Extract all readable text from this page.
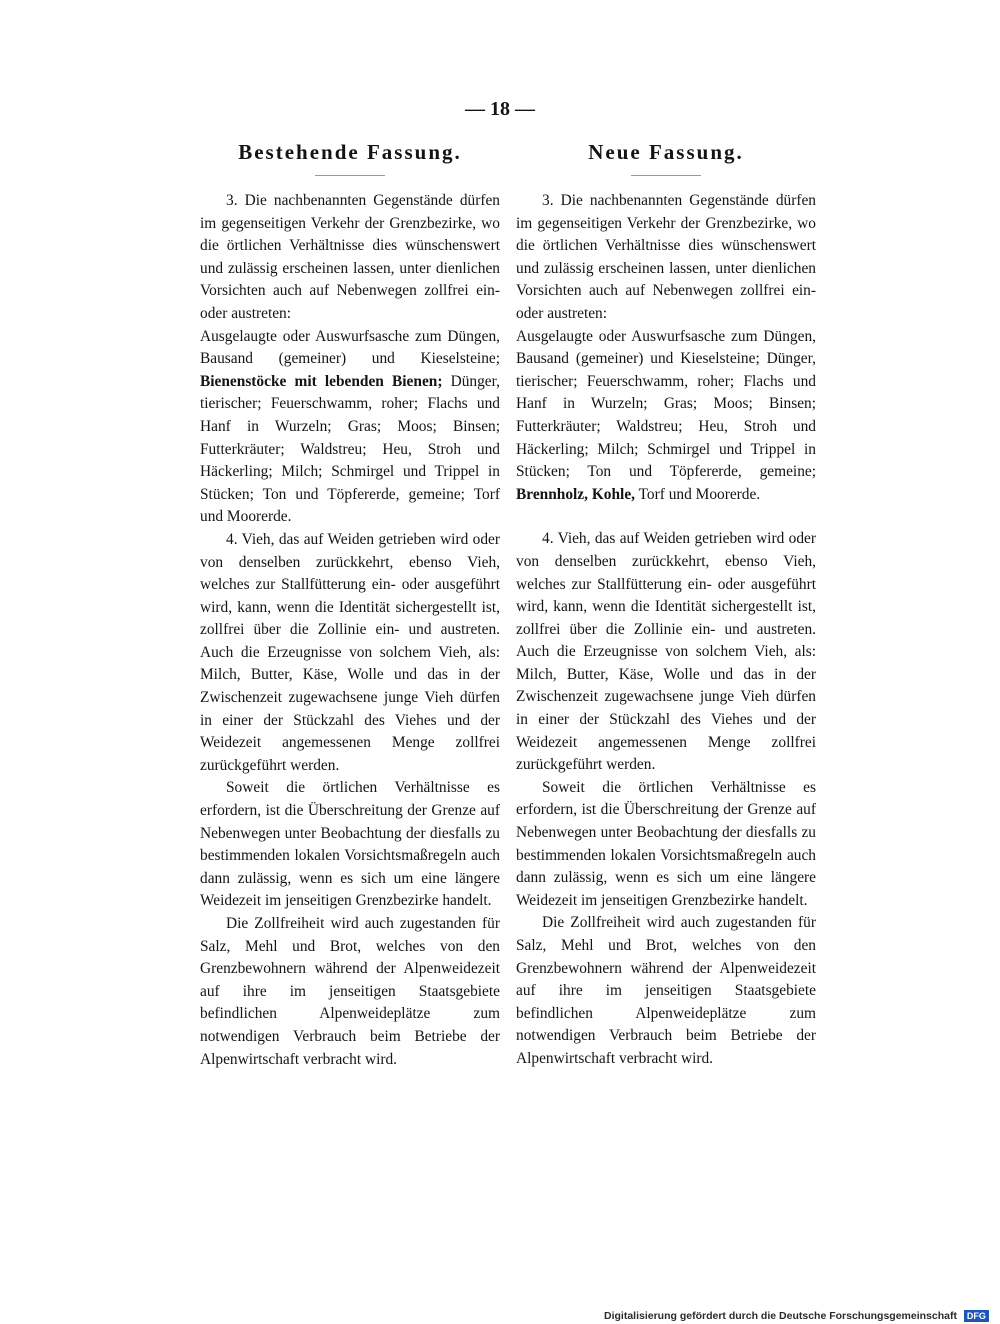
— 18 —
Bestehende Fassung.

3. Die nachbenannten Gegenstände dürfen im gegenseitigen Verkehr der Grenzbezirke, wo die örtlichen Verhältnisse dies wünschenswert und zulässig erscheinen lassen, unter dienlichen Vorsichten auch auf Nebenwegen zollfrei ein- oder austreten:

Ausgelaugte oder Auswurfsasche zum Düngen, Bausand (gemeiner) und Kieselsteine; Bienenstöcke mit lebenden Bienen; Dünger, tierischer; Feuerschwamm, roher; Flachs und Hanf in Wurzeln; Gras; Moos; Binsen; Futterkräuter; Waldstreu; Heu, Stroh und Häckerling; Milch; Schmirgel und Trippel in Stücken; Ton und Töpfererde, gemeine; Torf und Moorerde.

4. Vieh, das auf Weiden getrieben wird oder von denselben zurückkehrt, ebenso Vieh, welches zur Stallfütterung ein- oder ausgeführt wird, kann, wenn die Identität sichergestellt ist, zollfrei über die Zollinie ein- und austreten. Auch die Erzeugnisse von solchem Vieh, als: Milch, Butter, Käse, Wolle und das in der Zwischenzeit zugewachsene junge Vieh dürfen in einer der Stückzahl des Viehes und der Weidezeit angemessenen Menge zollfrei zurückgeführt werden.

Soweit die örtlichen Verhältnisse es erfordern, ist die Überschreitung der Grenze auf Nebenwegen unter Beobachtung der diesfalls zu bestimmenden lokalen Vorsichtsmaßregeln auch dann zulässig, wenn es sich um eine längere Weidezeit im jenseitigen Grenzbezirke handelt.

Die Zollfreiheit wird auch zugestanden für Salz, Mehl und Brot, welches von den Grenzbewohnern während der Alpenweidezeit auf ihre im jenseitigen Staatsgebiete befindlichen Alpenweideplätze zum notwendigen Verbrauch beim Betriebe der Alpenwirtschaft verbracht wird.

Neue Fassung.

3. Die nachbenannten Gegenstände dürfen im gegenseitigen Verkehr der Grenzbezirke, wo die örtlichen Verhältnisse dies wünschenswert und zulässig erscheinen lassen, unter dienlichen Vorsichten auch auf Nebenwegen zollfrei ein- oder austreten:

Ausgelaugte oder Auswurfsasche zum Düngen, Bausand (gemeiner) und Kieselsteine; Dünger, tierischer; Feuerschwamm, roher; Flachs und Hanf in Wurzeln; Gras; Moos; Binsen; Futterkräuter; Waldstreu; Heu, Stroh und Häckerling; Milch; Schmirgel und Trippel in Stücken; Ton und Töpfererde, gemeine; Brennholz, Kohle, Torf und Moorerde.

4. Vieh, das auf Weiden getrieben wird oder von denselben zurückkehrt, ebenso Vieh, welches zur Stallfütterung ein- oder ausgeführt wird, kann, wenn die Identität sichergestellt ist, zollfrei über die Zollinie ein- und austreten. Auch die Erzeugnisse von solchem Vieh, als: Milch, Butter, Käse, Wolle und das in der Zwischenzeit zugewachsene junge Vieh dürfen in einer der Stückzahl des Viehes und der Weidezeit angemessenen Menge zollfrei zurückgeführt werden.

Soweit die örtlichen Verhältnisse es erfordern, ist die Überschreitung der Grenze auf Nebenwegen unter Beobachtung der diesfalls zu bestimmenden lokalen Vorsichtsmaßregeln auch dann zulässig, wenn es sich um eine längere Weidezeit im jenseitigen Grenzbezirke handelt.

Die Zollfreiheit wird auch zugestanden für Salz, Mehl und Brot, welches von den Grenzbewohnern während der Alpenweidezeit auf ihre im jenseitigen Staatsgebiete befindlichen Alpenweideplätze zum notwendigen Verbrauch beim Betriebe der Alpenwirtschaft verbracht wird.

Digitalisierung gefördert durch die Deutsche Forschungsgemeinschaft DFG
